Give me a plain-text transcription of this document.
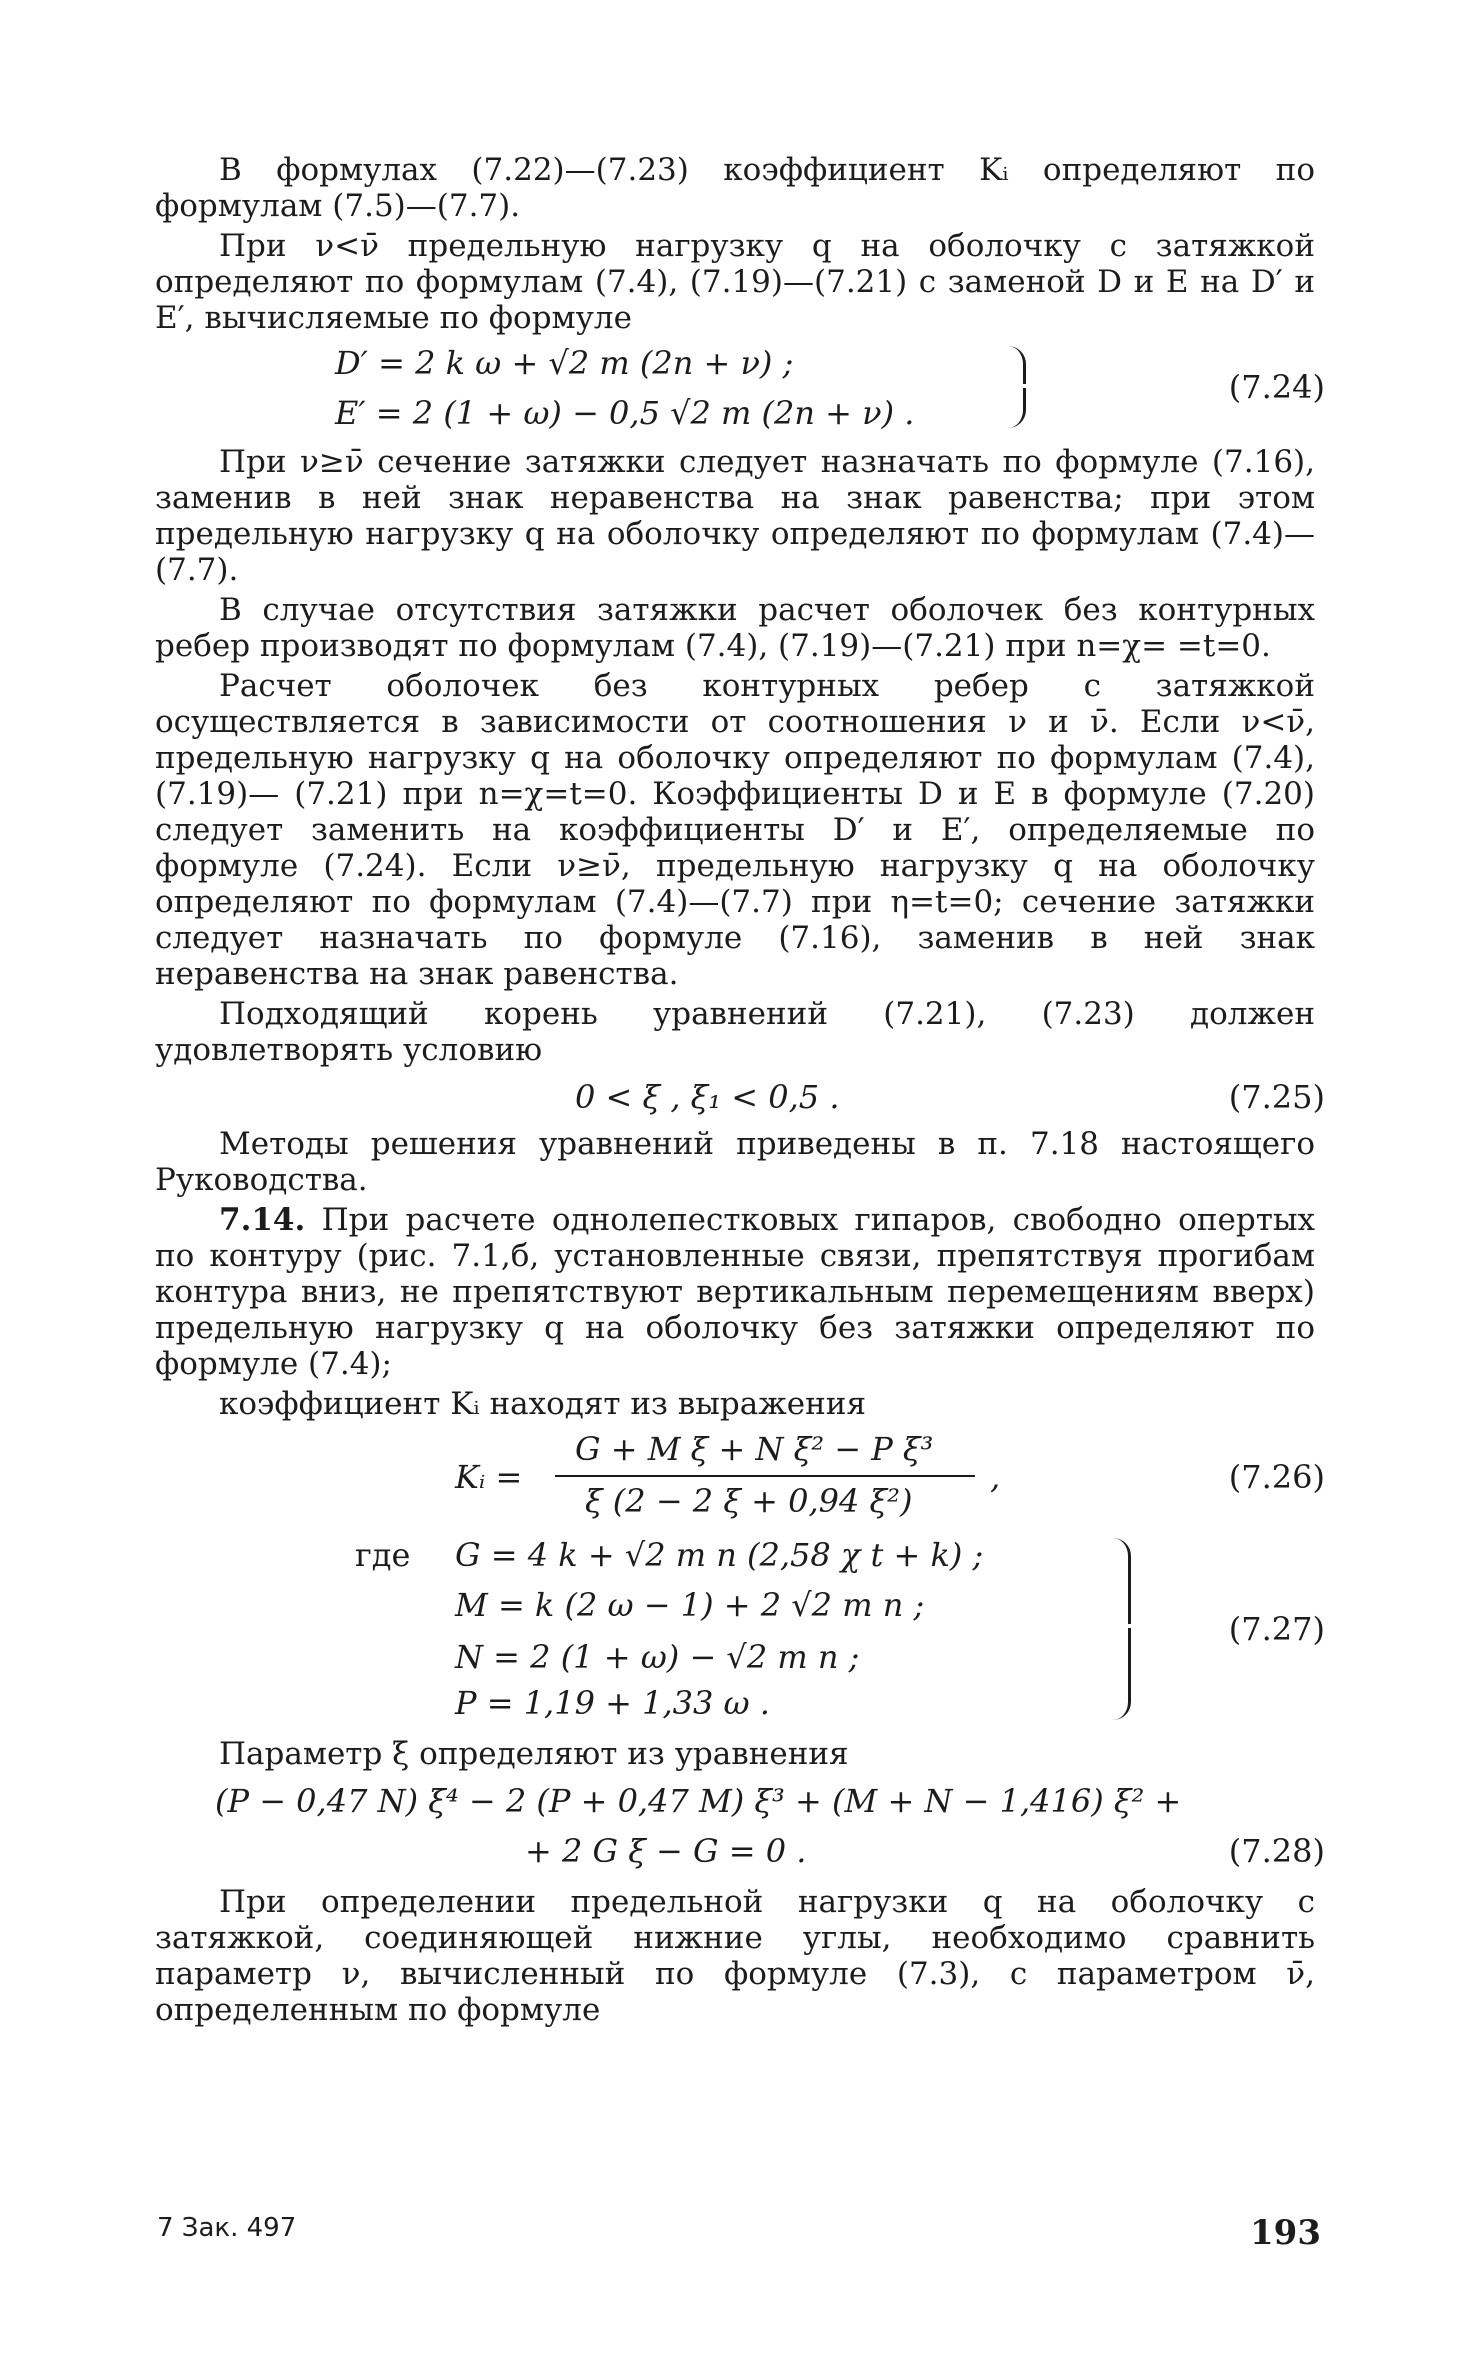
В формулах (7.22)—(7.23) коэффициент Kᵢ определяют по формулам (7.5)—(7.7).

При ν<ν̄ предельную нагрузку q на оболочку с затяжкой определяют по формулам (7.4), (7.19)—(7.21) с заменой D и E на D′ и E′, вычисляемые по формуле

D′ = 2 k ω + √2 m (2n + ν) ;
E′ = 2 (1 + ω) − 0,5 √2 m (2n + ν) .
(7.24)

При ν≥ν̄ сечение затяжки следует назначать по формуле (7.16), заменив в ней знак неравенства на знак равенства; при этом предельную нагрузку q на оболочку определяют по формулам (7.4)—(7.7).

В случае отсутствия затяжки расчет оболочек без контурных ребер производят по формулам (7.4), (7.19)—(7.21) при n=χ= =t=0.

Расчет оболочек без контурных ребер с затяжкой осуществляется в зависимости от соотношения ν и ν̄. Если ν<ν̄, предельную нагрузку q на оболочку определяют по формулам (7.4), (7.19)— (7.21) при n=χ=t=0. Коэффициенты D и E в формуле (7.20) следует заменить на коэффициенты D′ и E′, определяемые по формуле (7.24). Если ν≥ν̄, предельную нагрузку q на оболочку определяют по формулам (7.4)—(7.7) при η=t=0; сечение затяжки следует назначать по формуле (7.16), заменив в ней знак неравенства на знак равенства.

Подходящий корень уравнений (7.21), (7.23) должен удовлетворять условию

0 < ξ , ξ₁ < 0,5 .	(7.25)

Методы решения уравнений приведены в п. 7.18 настоящего Руководства.

7.14. При расчете однолепестковых гипаров, свободно опертых по контуру (рис. 7.1,б, установленные связи, препятствуя прогибам контура вниз, не препятствуют вертикальным перемещениям вверх) предельную нагрузку q на оболочку без затяжки определяют по формуле (7.4);

коэффициент Kᵢ находят из выражения

Kᵢ =
G + M ξ + N ξ² − P ξ³
ξ (2 − 2 ξ + 0,94 ξ²)
,	(7.26)
где G = 4 k + √2 m n (2,58 χ t + k) ;
M = k (2 ω − 1) + 2 √2 m n ;
N = 2 (1 + ω) − √2 m n ;
P = 1,19 + 1,33 ω .
(7.27)

Параметр ξ определяют из уравнения

(P − 0,47 N) ξ⁴ − 2 (P + 0,47 M) ξ³ + (M + N − 1,416) ξ² +
+ 2 G ξ − G = 0 .	(7.28)

При определении предельной нагрузки q на оболочку с затяжкой, соединяющей нижние углы, необходимо сравнить параметр ν, вычисленный по формуле (7.3), с параметром ν̄, определенным по формуле

7 Зак. 497	193
